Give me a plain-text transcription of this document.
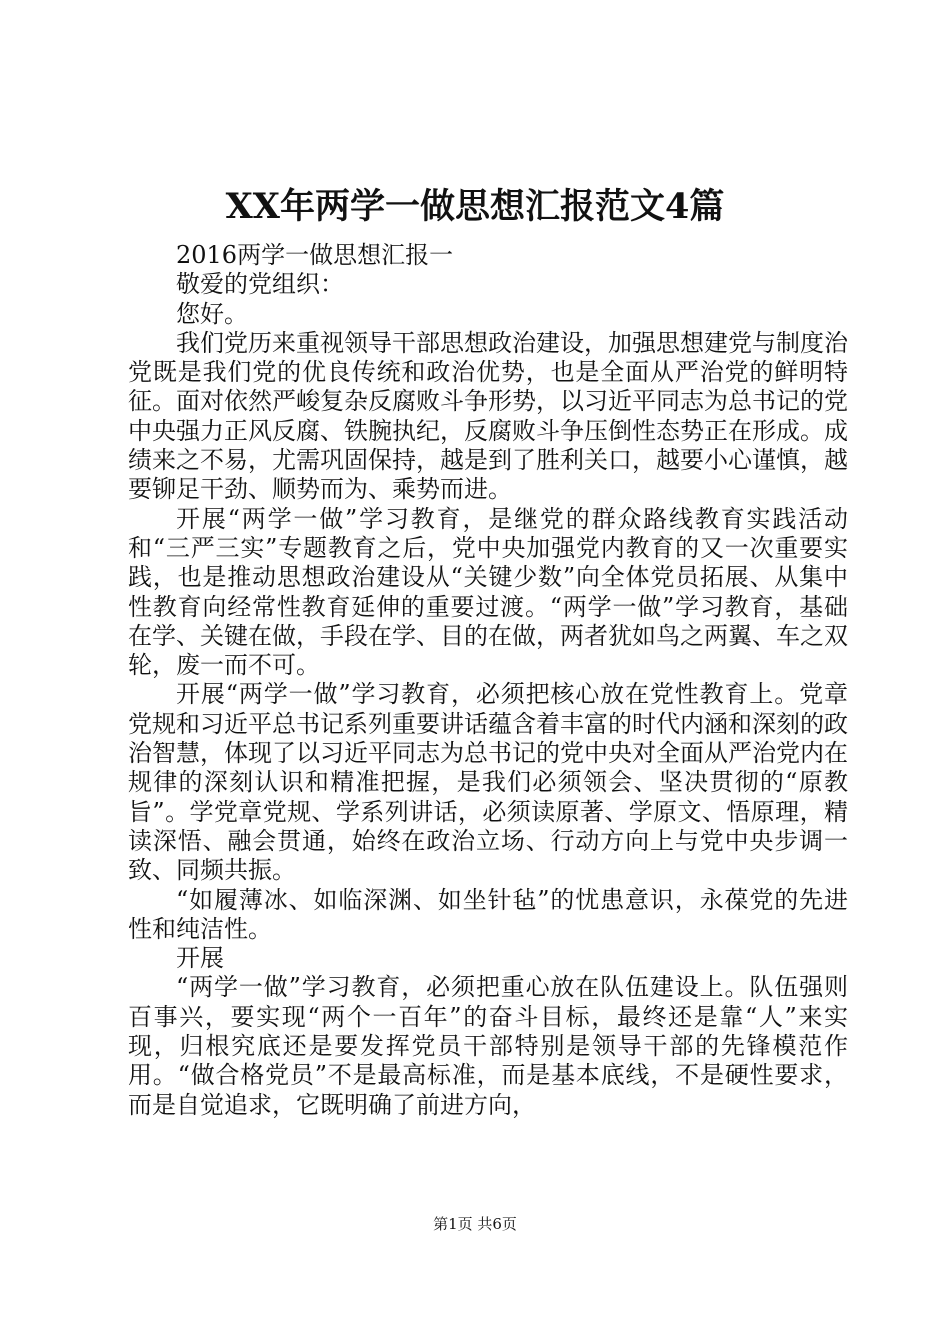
XX年两学一做思想汇报范文4篇

2016两学一做思想汇报一

敬爱的党组织：

您好。

我们党历来重视领导干部思想政治建设，加强思想建党与制度治党既是我们党的优良传统和政治优势，也是全面从严治党的鲜明特征。面对依然严峻复杂反腐败斗争形势，以习近平同志为总书记的党中央强力正风反腐、铁腕执纪，反腐败斗争压倒性态势正在形成。成绩来之不易，尤需巩固保持，越是到了胜利关口，越要小心谨慎，越要铆足干劲、顺势而为、乘势而进。

开展“两学一做”学习教育，是继党的群众路线教育实践活动和“三严三实”专题教育之后，党中央加强党内教育的又一次重要实践，也是推动思想政治建设从“关键少数”向全体党员拓展、从集中性教育向经常性教育延伸的重要过渡。“两学一做”学习教育，基础在学、关键在做，手段在学、目的在做，两者犹如鸟之两翼、车之双轮，废一而不可。

开展“两学一做”学习教育，必须把核心放在党性教育上。党章党规和习近平总书记系列重要讲话蕴含着丰富的时代内涵和深刻的政治智慧，体现了以习近平同志为总书记的党中央对全面从严治党内在规律的深刻认识和精准把握，是我们必须领会、坚决贯彻的“原教旨”。学党章党规、学系列讲话，必须读原著、学原文、悟原理，精读深悟、融会贯通，始终在政治立场、行动方向上与党中央步调一致、同频共振。

“如履薄冰、如临深渊、如坐针毡”的忧患意识，永葆党的先进性和纯洁性。

开展

“两学一做”学习教育，必须把重心放在队伍建设上。队伍强则百事兴，要实现“两个一百年”的奋斗目标，最终还是靠“人”来实现，归根究底还是要发挥党员干部特别是领导干部的先锋模范作用。“做合格党员”不是最高标准，而是基本底线，不是硬性要求，而是自觉追求，它既明确了前进方向，

第1页 共6页
